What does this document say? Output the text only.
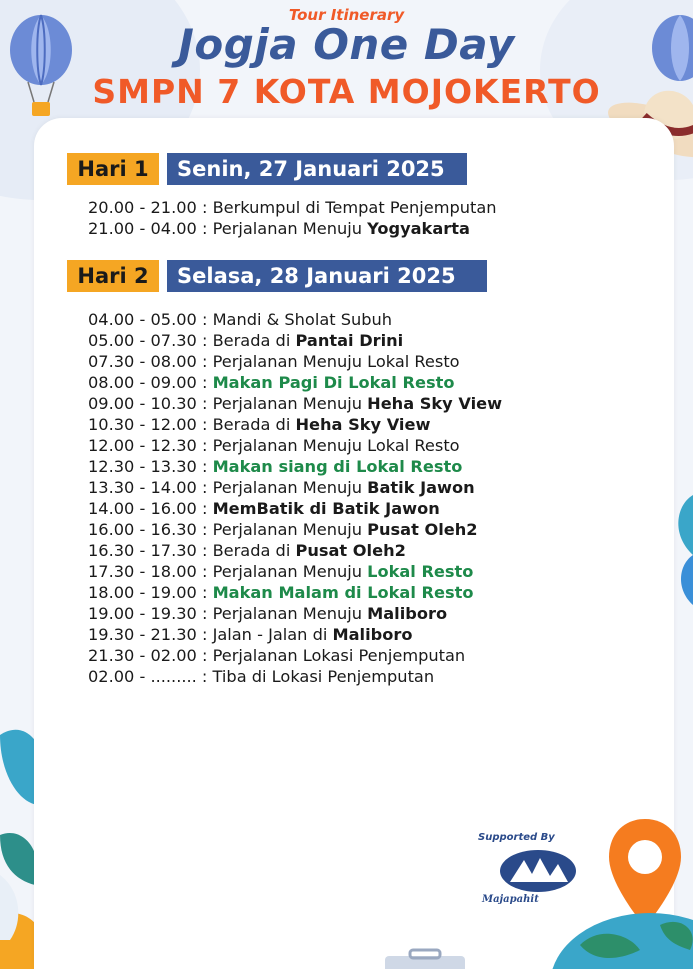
Tour Itinerary
Jogja One Day
SMPN 7 KOTA MOJOKERTO
Hari 1	Senin, 27 Januari 2025
20.00 - 21.00 : Berkumpul di Tempat Penjemputan
21.00 - 04.00 : Perjalanan Menuju Yogyakarta
Hari 2	Selasa, 28 Januari 2025
04.00 - 05.00 : Mandi & Sholat Subuh
05.00 - 07.30 : Berada di Pantai Drini
07.30 - 08.00 : Perjalanan Menuju Lokal Resto
08.00 - 09.00 : Makan Pagi Di Lokal Resto
09.00 - 10.30 : Perjalanan Menuju Heha Sky View
10.30 - 12.00 : Berada di Heha Sky View
12.00 - 12.30 : Perjalanan Menuju Lokal Resto
12.30 - 13.30 : Makan siang di Lokal Resto
13.30 - 14.00 : Perjalanan Menuju Batik Jawon
14.00 - 16.00 : MemBatik di Batik Jawon
16.00 - 16.30 : Perjalanan Menuju Pusat Oleh2
16.30 - 17.30 : Berada di Pusat Oleh2
17.30 - 18.00 : Perjalanan Menuju Lokal Resto
18.00 - 19.00 : Makan Malam di Lokal Resto
19.00 - 19.30 : Perjalanan Menuju Maliboro
19.30 - 21.30 : Jalan - Jalan di Maliboro
21.30 - 02.00 : Perjalanan Lokasi Penjemputan
02.00 - ......... : Tiba di Lokasi Penjemputan
Supported By
Majapahit
